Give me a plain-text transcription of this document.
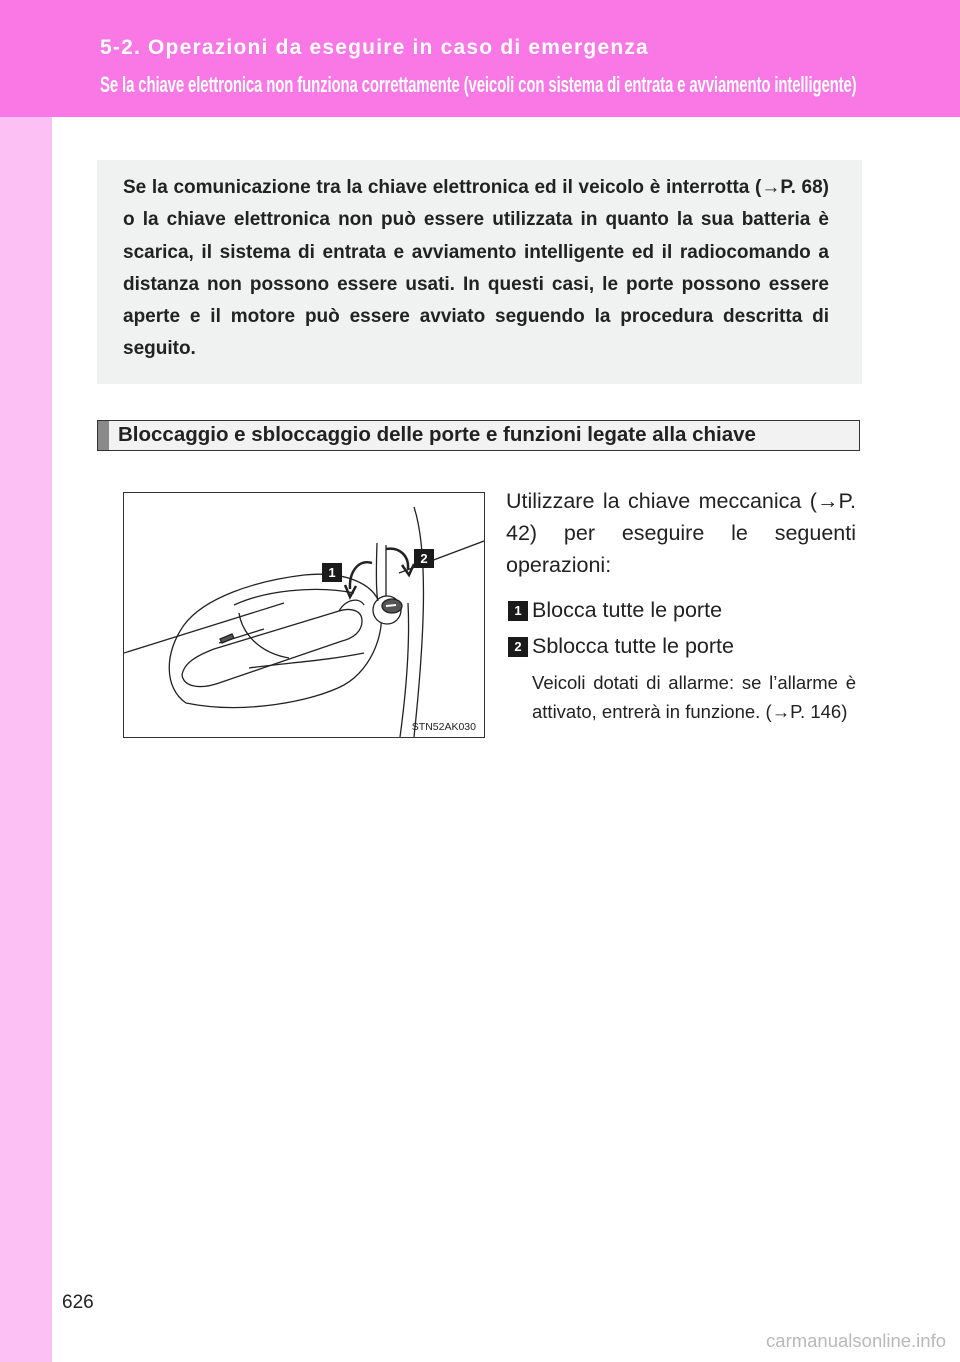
5-2. Operazioni da eseguire in caso di emergenza
Se la chiave elettronica non funziona correttamente (veicoli con sistema di entrata e avviamento intelligente)
Se la comunicazione tra la chiave elettronica ed il veicolo è interrotta (→P. 68) o la chiave elettronica non può essere utilizzata in quanto la sua batteria è scarica, il sistema di entrata e avviamento intelligente ed il radiocomando a distanza non possono essere usati. In questi casi, le porte possono essere aperte e il motore può essere avviato seguendo la procedura descritta di seguito.
Bloccaggio e sbloccaggio delle porte e funzioni legate alla chiave
1
2
STN52AK030
Utilizzare la chiave meccanica (→P. 42) per eseguire le seguenti operazioni:
1 Blocca tutte le porte
2 Sblocca tutte le porte
Veicoli dotati di allarme: se l’allarme è attivato, entrerà in funzione. (→P. 146)
626
carmanualsonline.info
